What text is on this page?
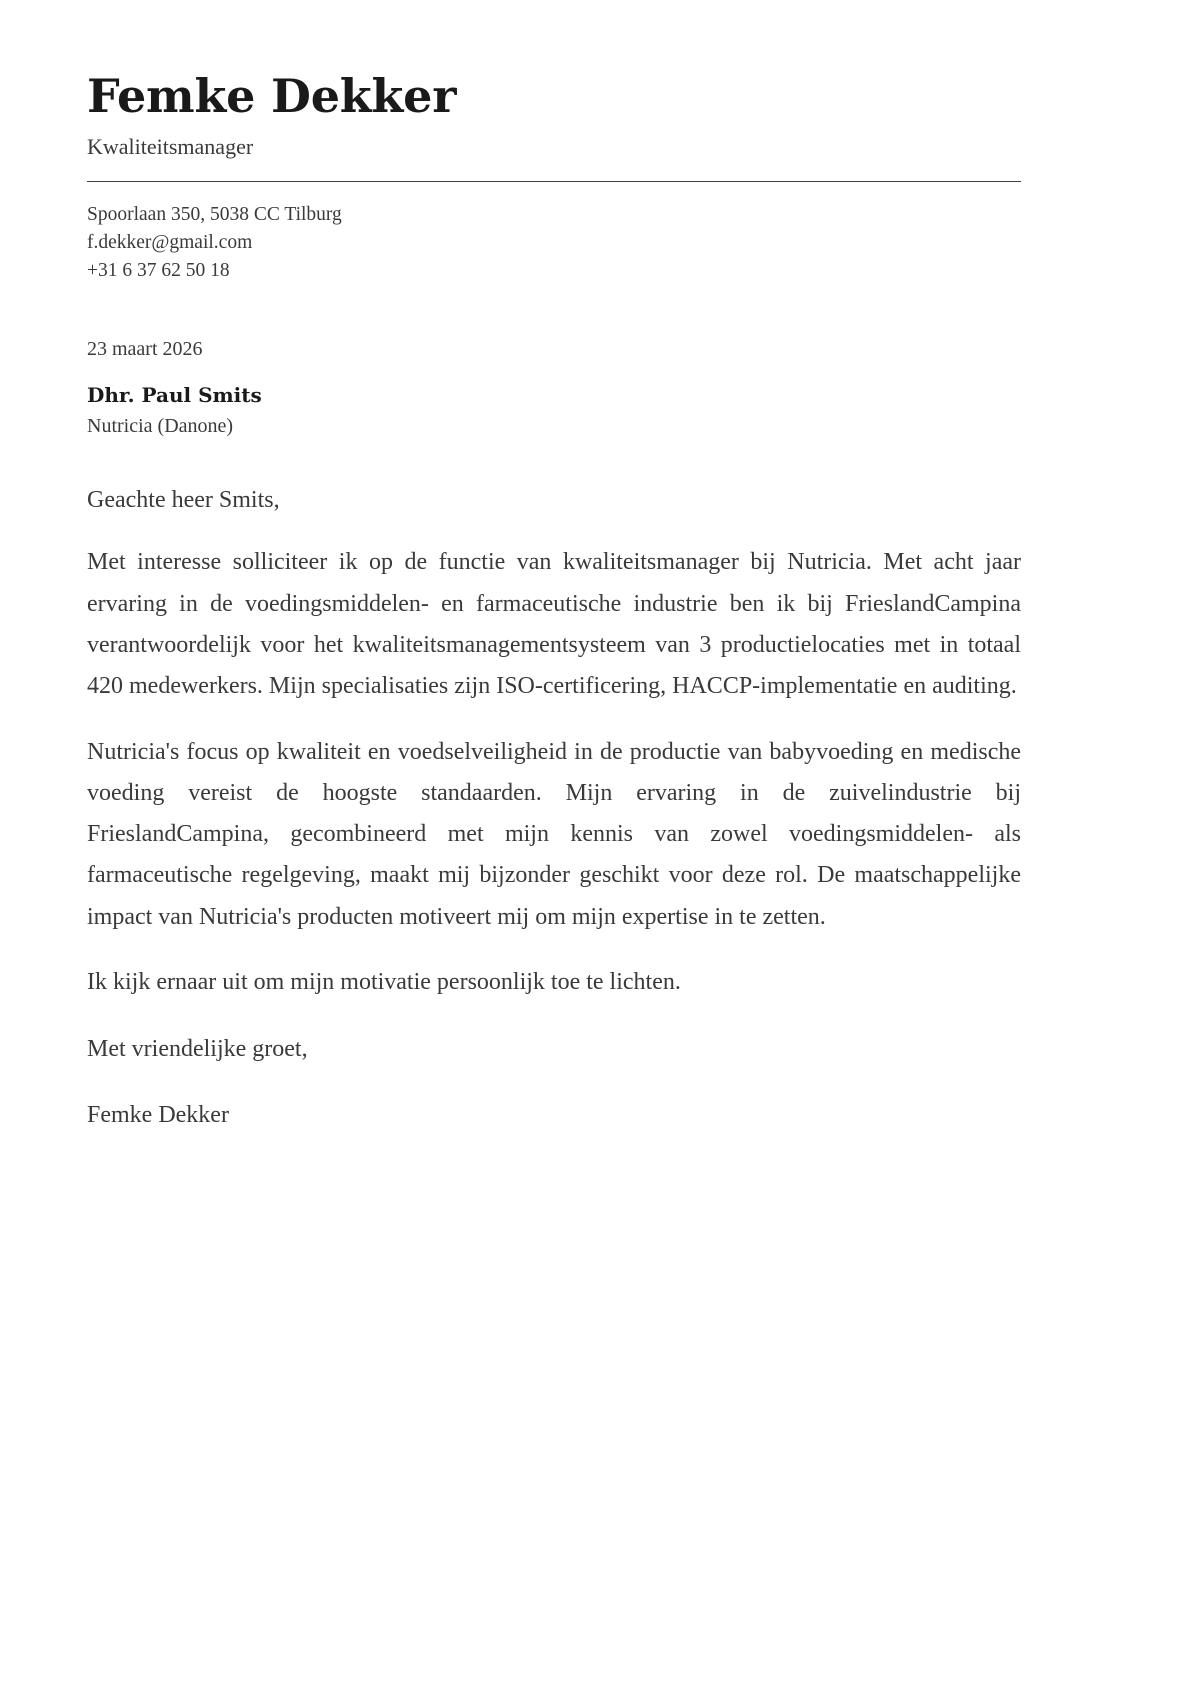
Femke Dekker
Kwaliteitsmanager
Spoorlaan 350, 5038 CC Tilburg
f.dekker@gmail.com
+31 6 37 62 50 18
23 maart 2026
Dhr. Paul Smits
Nutricia (Danone)

Geachte heer Smits,

Met interesse solliciteer ik op de functie van kwaliteitsmanager bij Nutricia. Met acht jaar ervaring in de voedingsmiddelen- en farmaceutische industrie ben ik bij FrieslandCampina verantwoordelijk voor het kwaliteitsmanagementsysteem van 3 productielocaties met in totaal 420 medewerkers. Mijn specialisaties zijn ISO-certificering, HACCP-implementatie en auditing.

Nutricia's focus op kwaliteit en voedselveiligheid in de productie van babyvoeding en medische voeding vereist de hoogste standaarden. Mijn ervaring in de zuivelindustrie bij FrieslandCampina, gecombineerd met mijn kennis van zowel voedingsmiddelen- als farmaceutische regelgeving, maakt mij bijzonder geschikt voor deze rol. De maatschappelijke impact van Nutricia's producten motiveert mij om mijn expertise in te zetten.

Ik kijk ernaar uit om mijn motivatie persoonlijk toe te lichten.

Met vriendelijke groet,

Femke Dekker
